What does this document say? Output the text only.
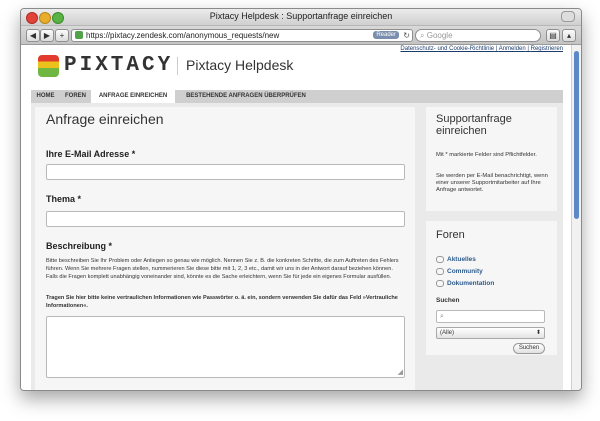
Pixtacy Helpdesk : Supportanfrage einreichen
◀ ▶	+	https://pixtacy.zendesk.com/anonymous_requests/new	Reader ↻	⌕ Google	▤	▴
PIXTACY Pixtacy Helpdesk
Datenschutz- und Cookie-Richtlinie | Anmelden | Registrieren
HOME	FOREN	ANFRAGE EINREICHEN	BESTEHENDE ANFRAGEN ÜBERPRÜFEN
Anfrage einreichen
Ihre E-Mail Adresse *
Thema *
Beschreibung *
Bitte beschreiben Sie Ihr Problem oder Anliegen so genau wie möglich. Nennen Sie z. B. die konkreten Schritte, die zum Auftreten des Fehlers führen. Wenn Sie mehrere Fragen stellen, nummerieren Sie diese bitte mit 1, 2, 3 etc., damit wir uns in der Antwort darauf beziehen können. Falls die Fragen komplett unabhängig voneinander sind, könnte es die Sache erleichtern, wenn Sie für jede ein eigenes Formular ausfüllen.
Tragen Sie hier bitte keine vertraulichen Informationen wie Passwörter o. ä. ein, sondern verwenden Sie dafür das Feld »Vertrauliche Informationen«.
◢
Supportanfrage einreichen
Mit * markierte Felder sind Pflichtfelder.
Sie werden per E-Mail benachrichtigt, wenn einer unserer Supportmitarbeiter auf Ihre Anfrage antwortet.
Foren
Aktuelles
Community
Dokumentation
Suchen
⌕
(Alle)	⬍
Suchen
